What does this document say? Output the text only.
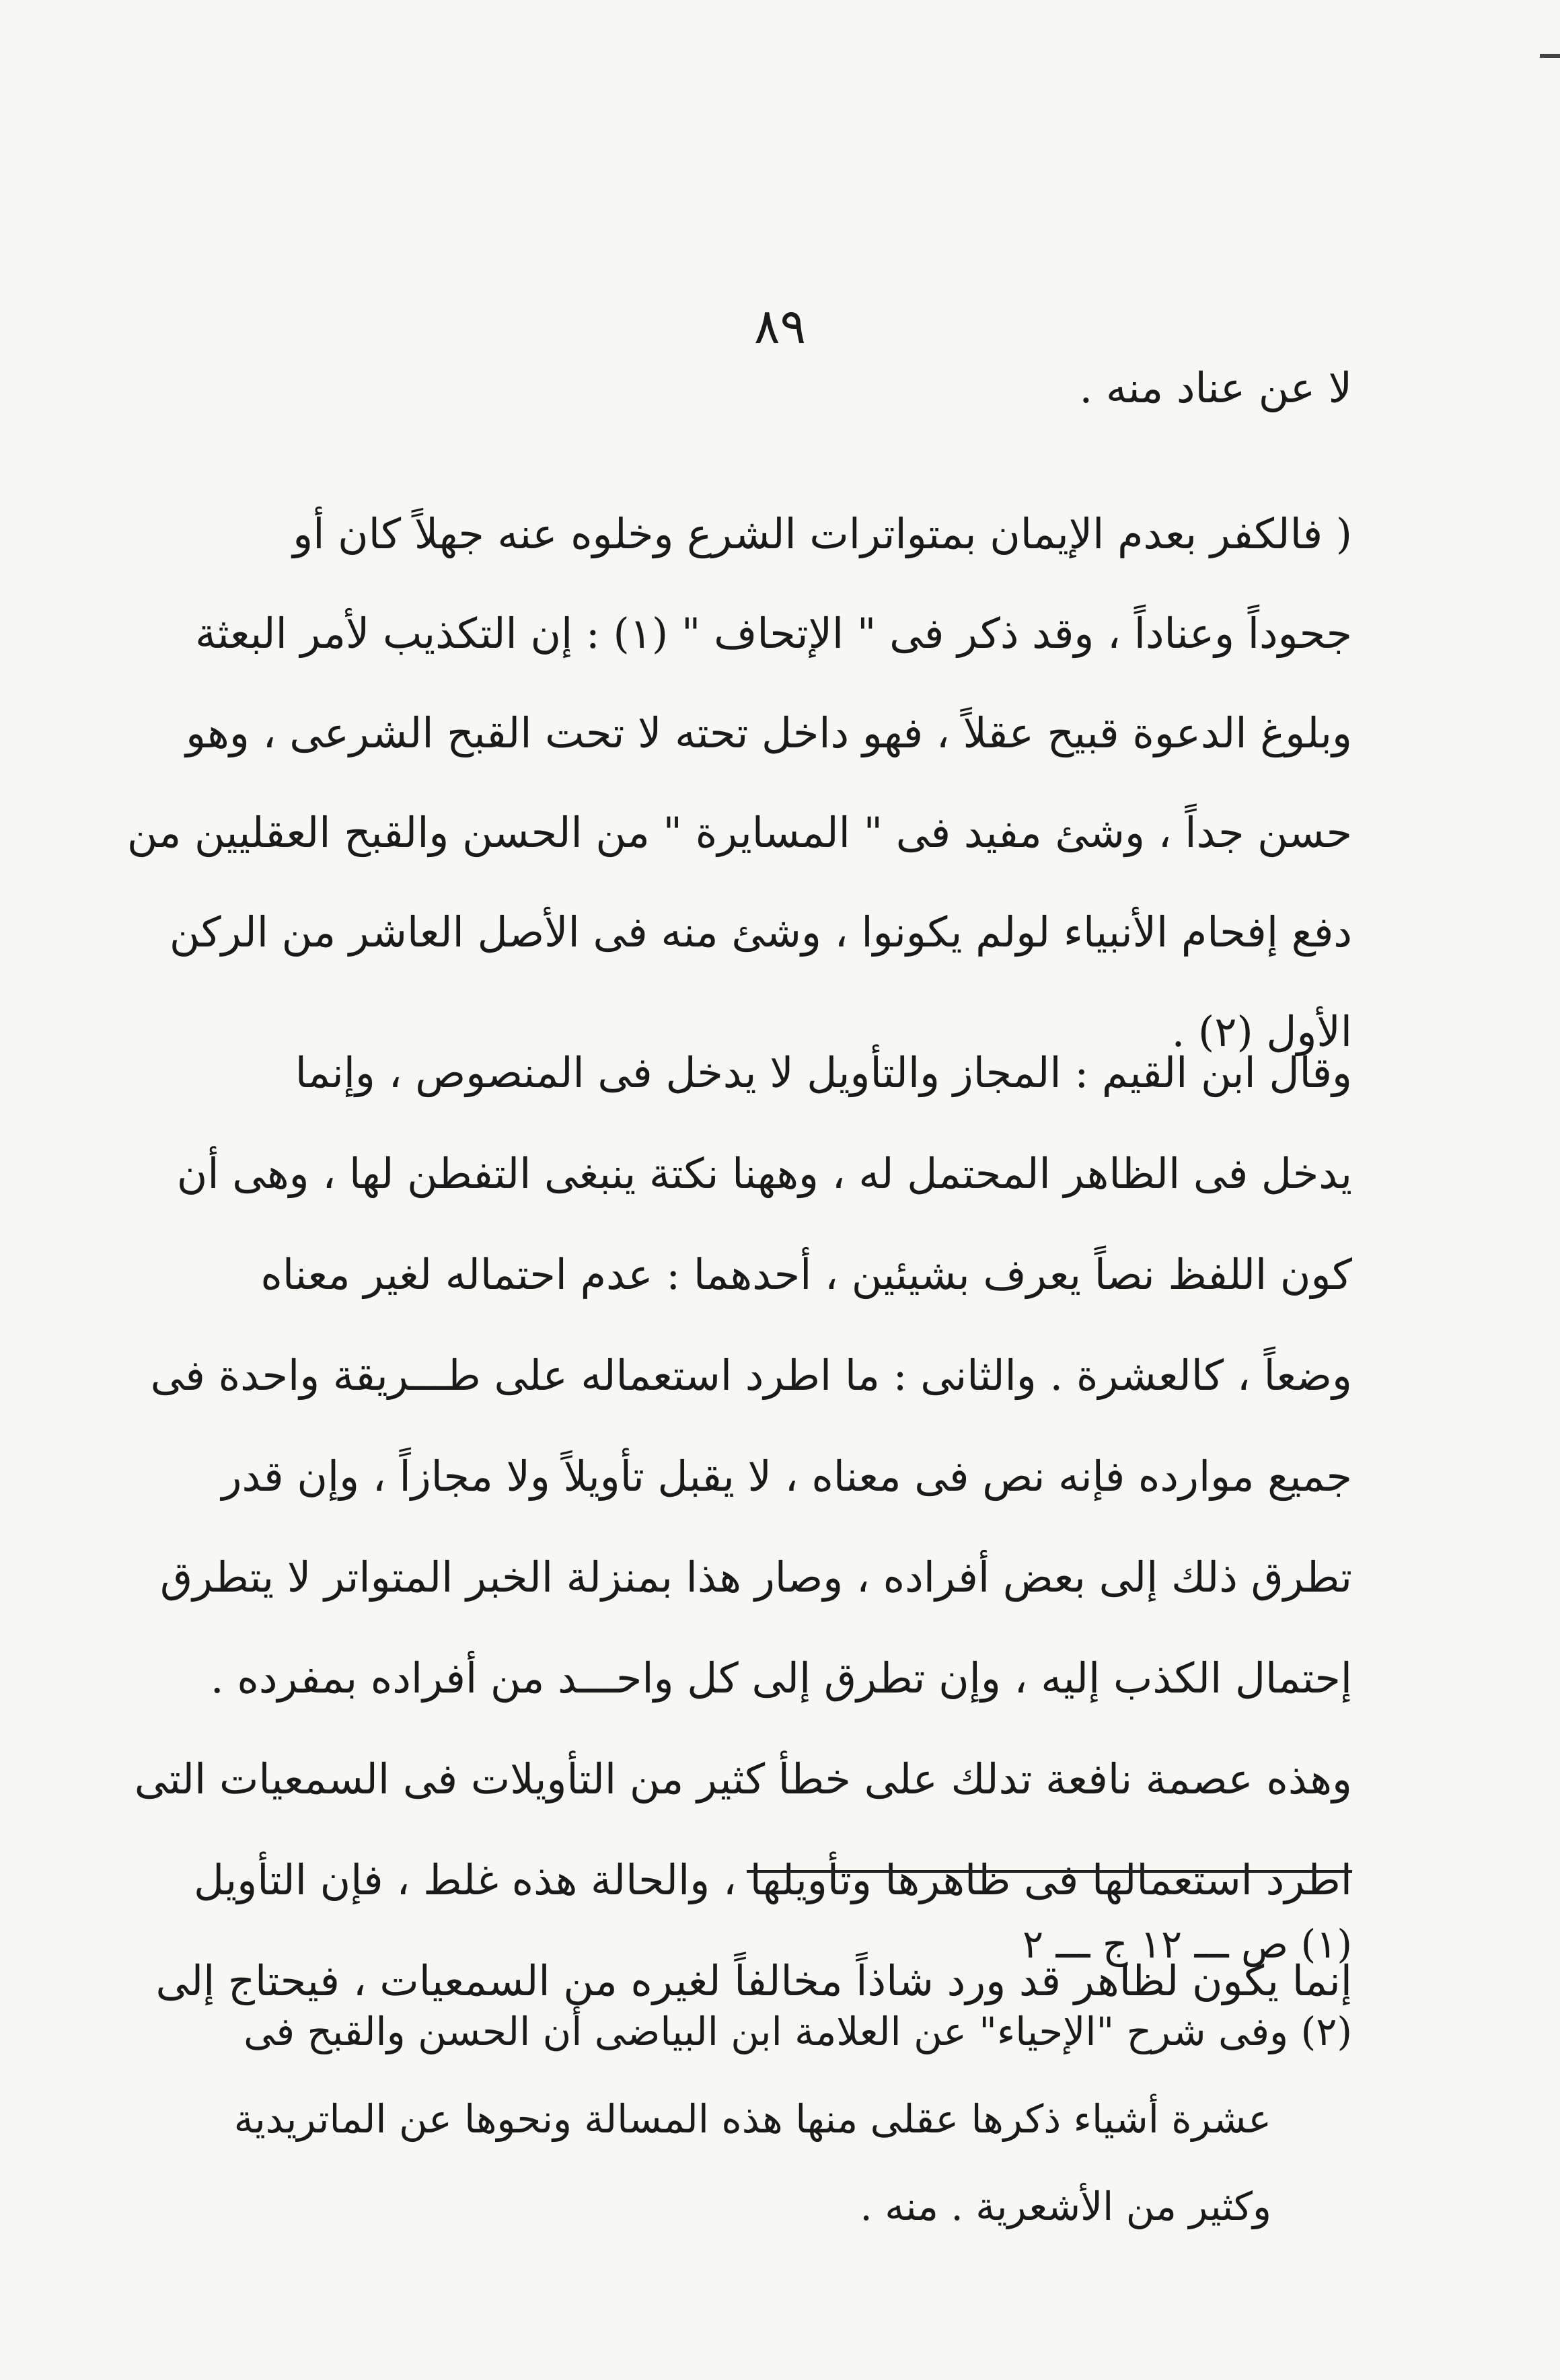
٨٩
لا عن عناد منه .
( فالكفر بعدم الإيمان بمتواترات الشرع وخلوه عنه جهلاً كان أو
جحوداً وعناداً ، وقد ذكر فى " الإتحاف " (١) : إن التكذيب لأمر البعثة
وبلوغ الدعوة قبيح عقلاً ، فهو داخل تحته لا تحت القبح الشرعى ، وهو
حسن جداً ، وشئ مفيد فى " المسايرة " من الحسن والقبح العقليين من
دفع إفحام الأنبياء لولم يكونوا ، وشئ منه فى الأصل العاشر من الركن
الأول (٢) .
وقال ابن القيم : المجاز والتأويل لا يدخل فى المنصوص ، وإنما
يدخل فى الظاهر المحتمل له ، وههنا نكتة ينبغى التفطن لها ، وهى أن
كون اللفظ نصاً يعرف بشيئين ، أحدهما : عدم احتماله لغير معناه
وضعاً ، كالعشرة . والثانى : ما اطرد استعماله على طـــريقة واحدة فى
جميع موارده فإنه نص فى معناه ، لا يقبل تأويلاً ولا مجازاً ، وإن قدر
تطرق ذلك إلى بعض أفراده ، وصار هذا بمنزلة الخبر المتواتر لا يتطرق
إحتمال الكذب إليه ، وإن تطرق إلى كل واحـــد من أفراده بمفرده .
وهذه عصمة نافعة تدلك على خطأ كثير من التأويلات فى السمعيات التى
اطرد استعمالها فى ظاهرها وتأويلها ، والحالة هذه غلط ، فإن التأويل
إنما يكون لظاهر قد ورد شاذاً مخالفاً لغيره من السمعيات ، فيحتاج إلى
(١) ص ـــ ١٢ ج ـــ ٢
(٢) وفى شرح "الإحياء" عن العلامة ابن البياضى أن الحسن والقبح فى
عشرة أشياء ذكرها عقلى منها هذه المسالة ونحوها عن الماتريدية
وكثير من الأشعرية . منه .
